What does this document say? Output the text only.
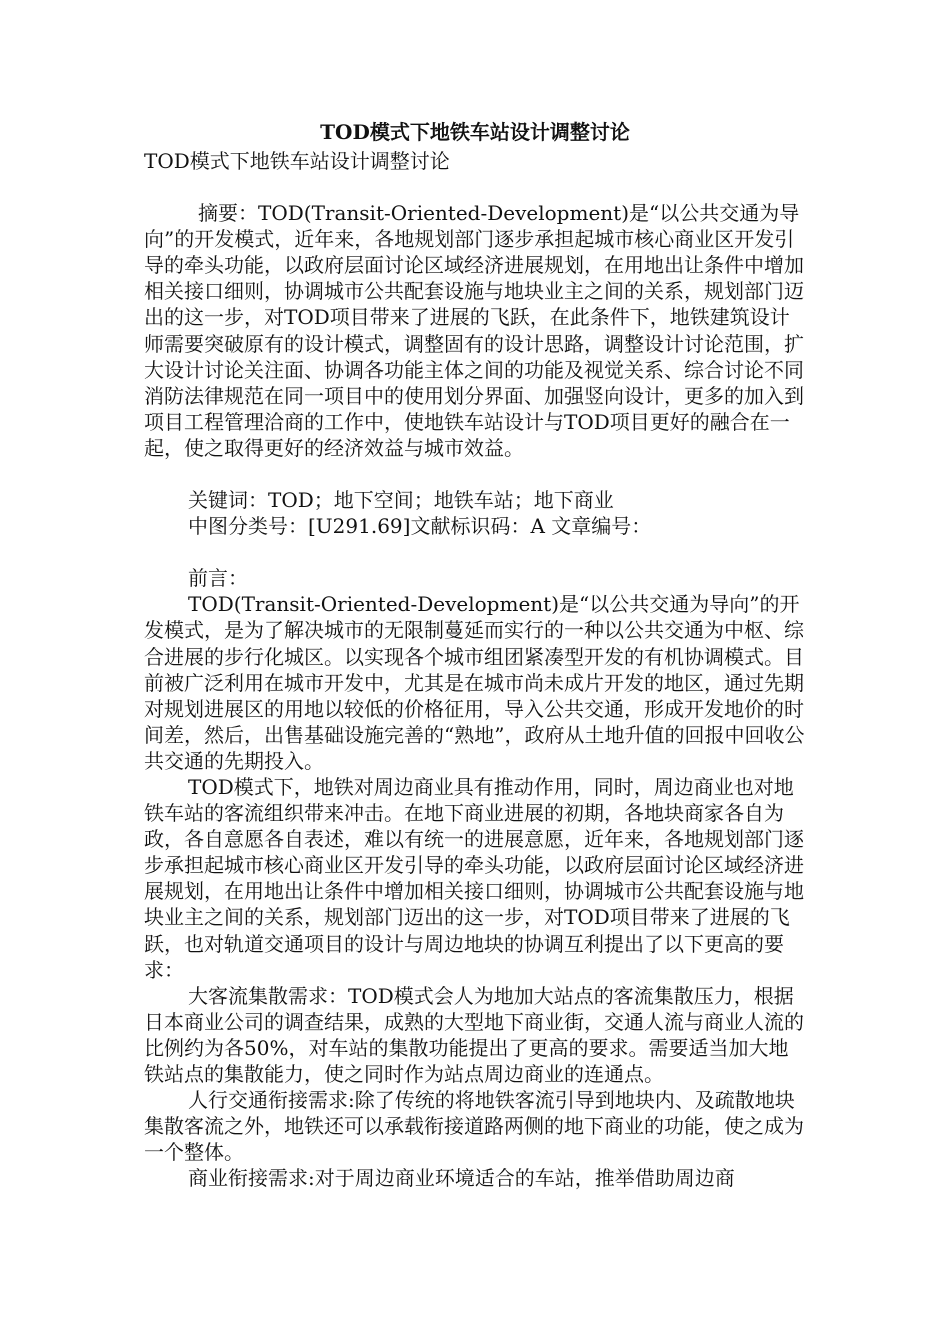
TOD模式下地铁车站设计调整讨论

TOD模式下地铁车站设计调整讨论

摘要：TOD(Transit-Oriented-Development)是“以公共交通为导向”的开发模式，近年来，各地规划部门逐步承担起城市核心商业区开发引导的牵头功能，以政府层面讨论区域经济进展规划，在用地出让条件中增加相关接口细则，协调城市公共配套设施与地块业主之间的关系，规划部门迈出的这一步，对TOD项目带来了进展的飞跃，在此条件下，地铁建筑设计师需要突破原有的设计模式，调整固有的设计思路，调整设计讨论范围，扩大设计讨论关注面、协调各功能主体之间的功能及视觉关系、综合讨论不同消防法律规范在同一项目中的使用划分界面、加强竖向设计，更多的加入到项目工程管理洽商的工作中，使地铁车站设计与TOD项目更好的融合在一起，使之取得更好的经济效益与城市效益。

关键词：TOD；地下空间；地铁车站；地下商业

中图分类号：[U291.69]文献标识码：A 文章编号：

前言：

TOD(Transit-Oriented-Development)是“以公共交通为导向”的开发模式，是为了解决城市的无限制蔓延而实行的一种以公共交通为中枢、综合进展的步行化城区。以实现各个城市组团紧凑型开发的有机协调模式。目前被广泛利用在城市开发中，尤其是在城市尚未成片开发的地区，通过先期对规划进展区的用地以较低的价格征用，导入公共交通，形成开发地价的时间差，然后，出售基础设施完善的“熟地”，政府从土地升值的回报中回收公共交通的先期投入。

TOD模式下，地铁对周边商业具有推动作用，同时，周边商业也对地铁车站的客流组织带来冲击。在地下商业进展的初期，各地块商家各自为政，各自意愿各自表述，难以有统一的进展意愿，近年来，各地规划部门逐步承担起城市核心商业区开发引导的牵头功能，以政府层面讨论区域经济进展规划，在用地出让条件中增加相关接口细则，协调城市公共配套设施与地块业主之间的关系，规划部门迈出的这一步，对TOD项目带来了进展的飞跃，也对轨道交通项目的设计与周边地块的协调互利提出了以下更高的要求：

大客流集散需求：TOD模式会人为地加大站点的客流集散压力，根据日本商业公司的调查结果，成熟的大型地下商业街，交通人流与商业人流的比例约为各50%，对车站的集散功能提出了更高的要求。需要适当加大地铁站点的集散能力，使之同时作为站点周边商业的连通点。

人行交通衔接需求:除了传统的将地铁客流引导到地块内、及疏散地块集散客流之外，地铁还可以承载衔接道路两侧的地下商业的功能，使之成为一个整体。

商业衔接需求:对于周边商业环境适合的车站，推举借助周边商
